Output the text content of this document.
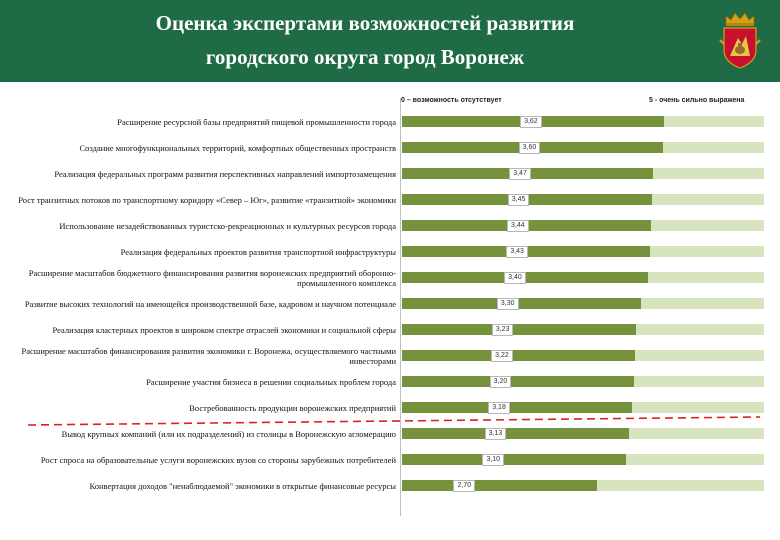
Оценка экспертами возможностей развития
городского округа город Воронеж
0 – возможность отсутствует	5 - очень сильно выражена
Расширение ресурсной базы предприятий пищевой промышленности города	3,62
Создание многофункциональных территорий, комфортных общественных пространств	3,60
Реализация федеральных программ развития перспективных направлений импортозамещения	3,47
Рост транзитных потоков по транспортному коридору «Север – Юг», развитие «транзитной» экономики	3,45
Использование незадействованных туристско-рекреационных и культурных ресурсов города	3,44
Реализация федеральных проектов развития транспортной инфраструктуры	3,43
Расширение масштабов бюджетного финансирования развития воронежских предприятий оборонно-промышленного комплекса	3,40
Развитие высоких технологий на имеющейся производственной базе, кадровом и научном потенциале	3,30
Реализация кластерных проектов в широком спектре отраслей экономики и социальной сферы	3,23
Расширение масштабов финансирования развития экономики г. Воронежа, осуществляемого частными инвесторами	3,22
Расширение участия бизнеса в решении социальных проблем города	3,20
Востребованность продукции воронежских предприятий	3,18
Вывод крупных компаний (или их подразделений) из столицы в Воронежскую агломерацию	3,13
Рост спроса на образовательные услуги воронежских вузов со стороны зарубежных потребителей	3,10
Конвертация доходов "ненаблюдаемой" экономики в открытые финансовые ресурсы	2,70
